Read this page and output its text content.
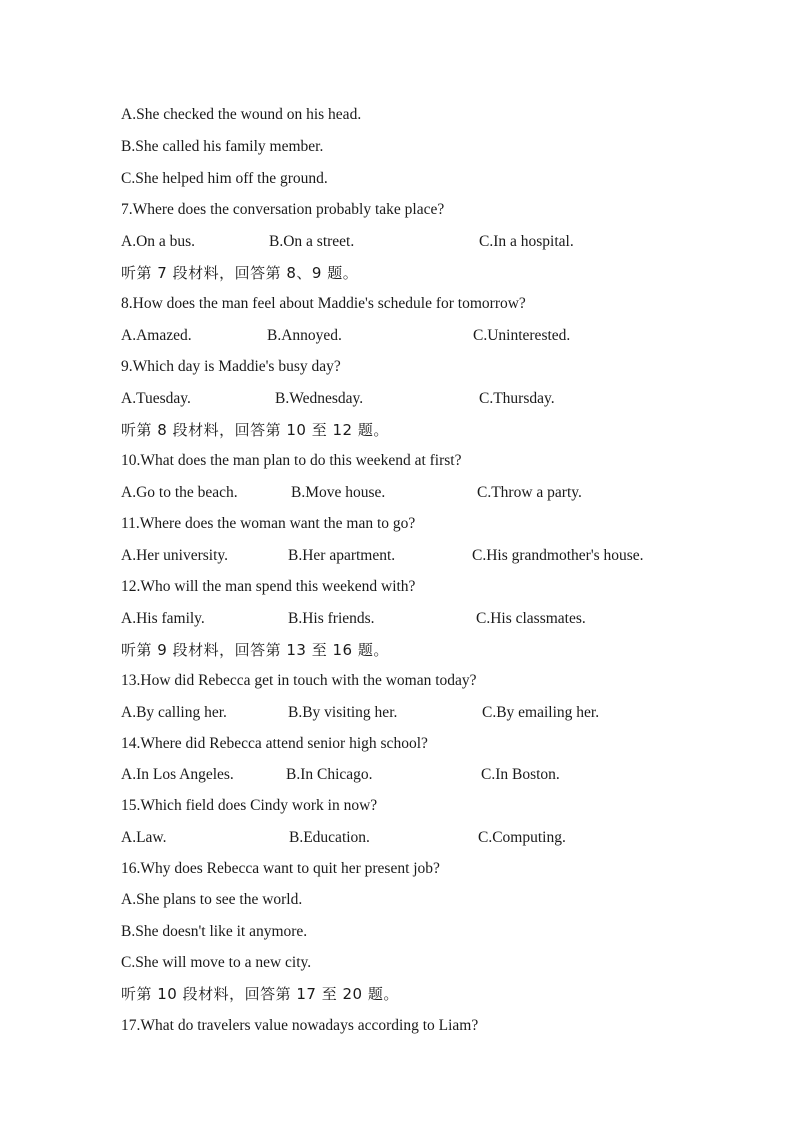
A.She checked the wound on his head.
B.She called his family member.
C.She helped him off the ground.
7.Where does the conversation probably take place?
A.On a bus.	B.On a street.	C.In a hospital.
听第 7 段材料，回答第 8、9 题。
8.How does the man feel about Maddie's schedule for tomorrow?
A.Amazed.	B.Annoyed.	C.Uninterested.
9.Which day is Maddie's busy day?
A.Tuesday.	B.Wednesday.	C.Thursday.
听第 8 段材料，回答第 10 至 12 题。
10.What does the man plan to do this weekend at first?
A.Go to the beach.	B.Move house.	C.Throw a party.
11.Where does the woman want the man to go?
A.Her university.	B.Her apartment.	C.His grandmother's house.
12.Who will the man spend this weekend with?
A.His family.	B.His friends.	C.His classmates.
听第 9 段材料，回答第 13 至 16 题。
13.How did Rebecca get in touch with the woman today?
A.By calling her.	B.By visiting her.	C.By emailing her.
14.Where did Rebecca attend senior high school?
A.In Los Angeles.	B.In Chicago.	C.In Boston.
15.Which field does Cindy work in now?
A.Law.	B.Education.	C.Computing.
16.Why does Rebecca want to quit her present job?
A.She plans to see the world.
B.She doesn't like it anymore.
C.She will move to a new city.
听第 10 段材料，回答第 17 至 20 题。
17.What do travelers value nowadays according to Liam?
